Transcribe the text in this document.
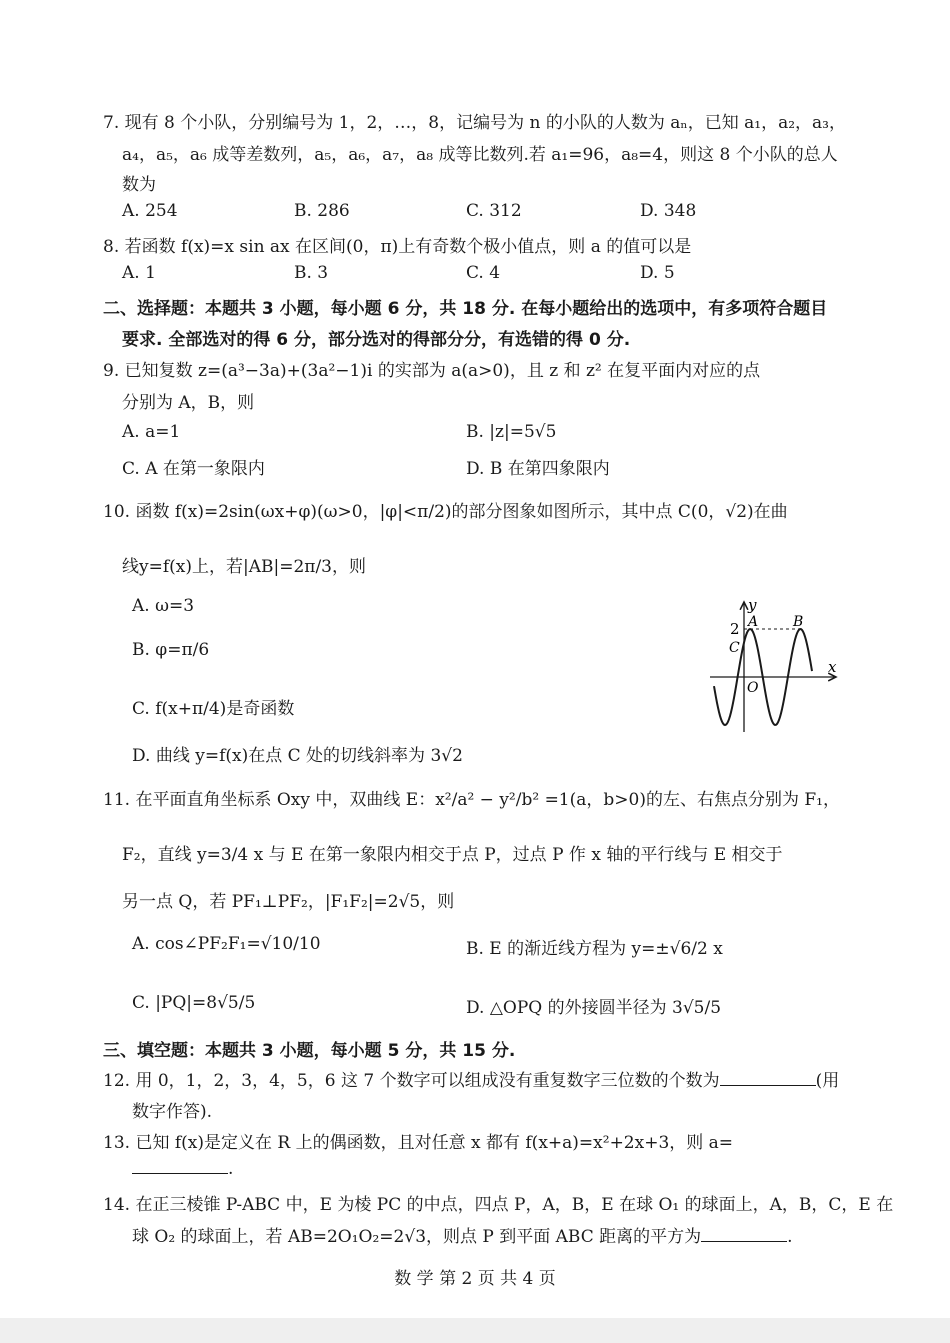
7. 现有 8 个小队，分别编号为 1，2，…，8，记编号为 n 的小队的人数为 aₙ，已知 a₁，a₂，a₃，
a₄，a₅，a₆ 成等差数列，a₅，a₆，a₇，a₈ 成等比数列.若 a₁=96，a₈=4，则这 8 个小队的总人
数为
A. 254	B. 286	C. 312	D. 348
8. 若函数 f(x)=x sin ax 在区间(0，π)上有奇数个极小值点，则 a 的值可以是
A. 1	B. 3	C. 4	D. 5
二、选择题：本题共 3 小题，每小题 6 分，共 18 分. 在每小题给出的选项中，有多项符合题目
要求. 全部选对的得 6 分，部分选对的得部分分，有选错的得 0 分.
9. 已知复数 z=(a³−3a)+(3a²−1)i 的实部为 a(a>0)，且 z 和 z² 在复平面内对应的点
分别为 A，B，则
A. a=1	B. |z|=5√5
C. A 在第一象限内	D. B 在第四象限内
10. 函数 f(x)=2sin(ωx+φ)(ω>0，|φ|<π/2)的部分图象如图所示，其中点 C(0，√2)在曲
线y=f(x)上，若|AB|=2π/3，则
A. ω=3
B. φ=π/6
C. f(x+π/4)是奇函数
D. 曲线 y=f(x)在点 C 处的切线斜率为 3√2
y
x
2 A B
C
O
11. 在平面直角坐标系 Oxy 中，双曲线 E：x²/a² − y²/b² =1(a，b>0)的左、右焦点分别为 F₁，
F₂，直线 y=3/4 x 与 E 在第一象限内相交于点 P，过点 P 作 x 轴的平行线与 E 相交于
另一点 Q，若 PF₁⊥PF₂，|F₁F₂|=2√5，则
A. cos∠PF₂F₁=√10/10	B. E 的渐近线方程为 y=±√6/2 x
C. |PQ|=8√5/5	D. △OPQ 的外接圆半径为 3√5/5
三、填空题：本题共 3 小题，每小题 5 分，共 15 分.
12. 用 0，1，2，3，4，5，6 这 7 个数字可以组成没有重复数字三位数的个数为	(用
数字作答).
13. 已知 f(x)是定义在 R 上的偶函数，且对任意 x 都有 f(x+a)=x²+2x+3，则 a=
.
14. 在正三棱锥 P-ABC 中，E 为棱 PC 的中点，四点 P，A，B，E 在球 O₁ 的球面上，A，B，C，E 在
球 O₂ 的球面上，若 AB=2O₁O₂=2√3，则点 P 到平面 ABC 距离的平方为	.
数 学 第 2 页 共 4 页
